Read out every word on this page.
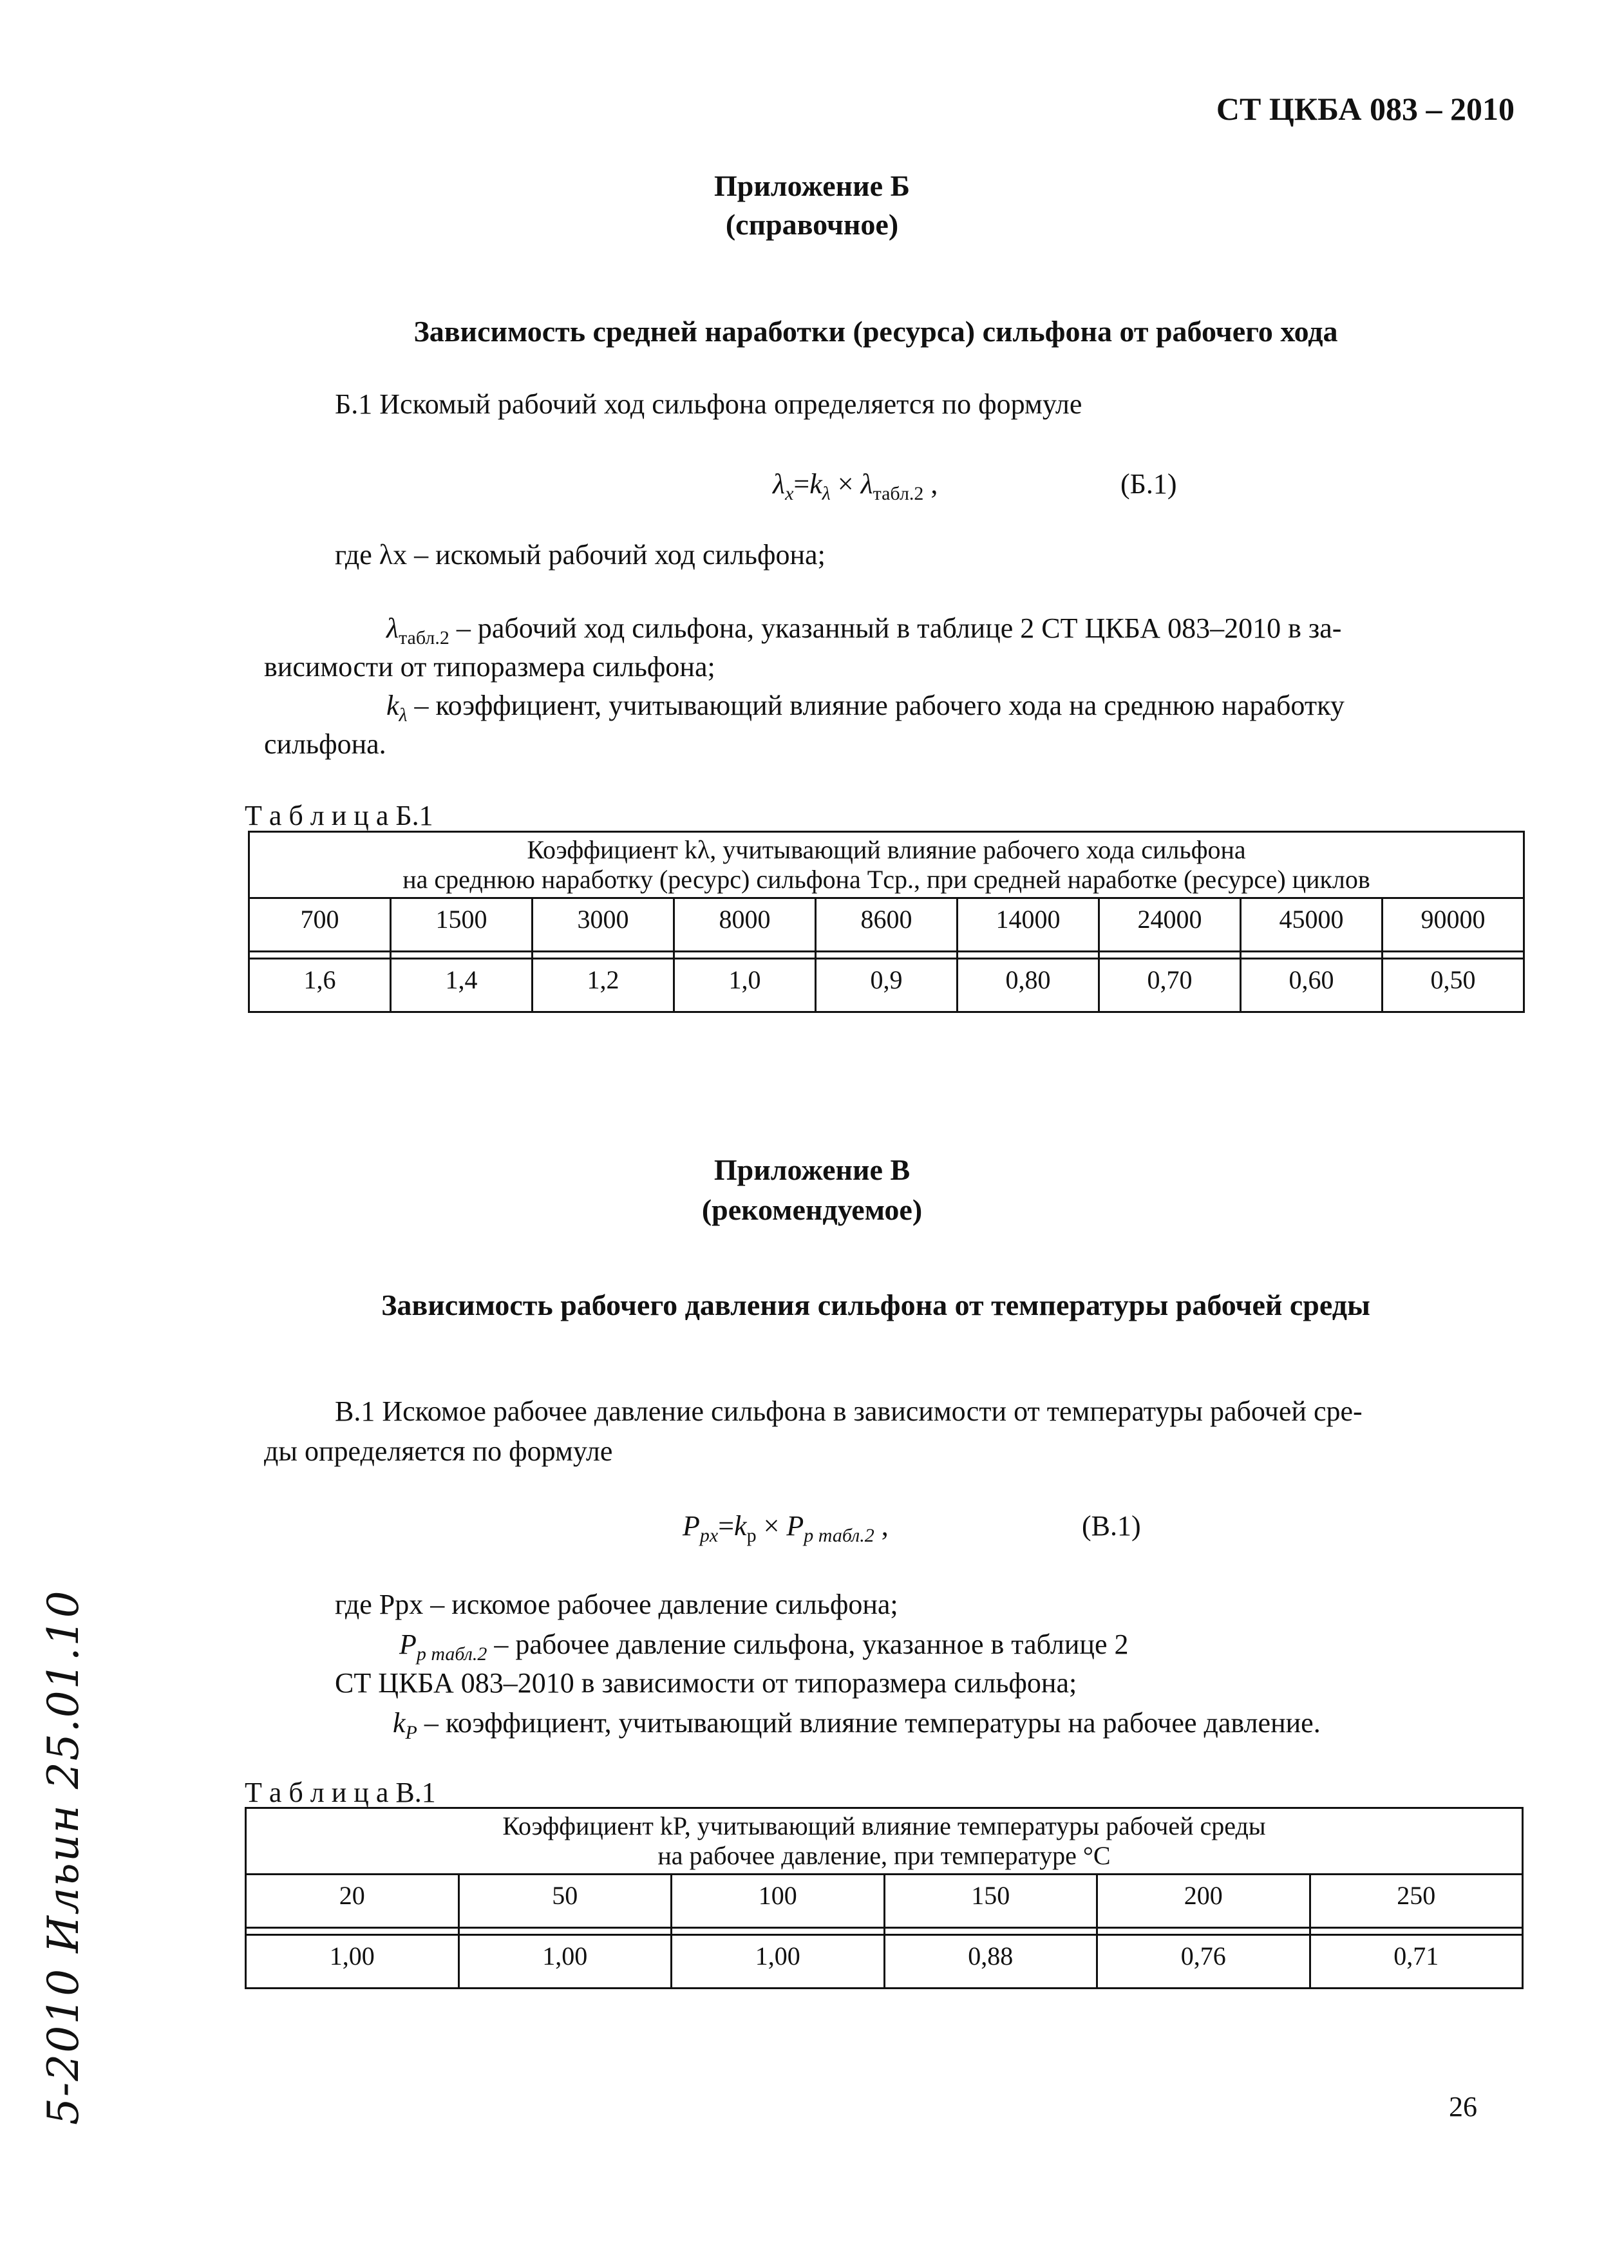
СТ ЦКБА 083 – 2010
Приложение Б
(справочное)
Зависимость средней наработки (ресурса) сильфона от рабочего хода
Б.1 Искомый рабочий ход сильфона определяется по формуле
$\lambda_x=k_\lambda \times \lambda_{табл.2}$ ,	(Б.1)
где λx – искомый рабочий ход сильфона;
$\lambda_{табл.2}$ – рабочий ход сильфона, указанный в таблице 2 СТ ЦКБА 083–2010 в за-
висимости от типоразмера сильфона;
$k_\lambda$ – коэффициент, учитывающий влияние рабочего хода на среднюю наработку
сильфона.
Т а б л и ц а Б.1
Коэффициент kλ, учитывающий влияние рабочего хода сильфона
на среднюю наработку (ресурс) сильфона Tср., при средней наработке (ресурсе) циклов								

700	1500	3000	8000	8600	14000	24000	45000	90000

1,6	1,4	1,2	1,0	0,9	0,80	0,70	0,60	0,50
Приложение В
(рекомендуемое)
Зависимость рабочего давления сильфона от температуры рабочей среды
В.1 Искомое рабочее давление сильфона в зависимости от температуры рабочей сре-
ды определяется по формуле
$P_{px}=k_p \times P_{p табл.2}$ ,	(В.1)
где Ppx – искомое рабочее давление сильфона;
$P_{p табл.2}$ – рабочее давление сильфона, указанное в таблице 2
СТ ЦКБА 083–2010 в зависимости от типоразмера сильфона;
$k_P$ – коэффициент, учитывающий влияние температуры на рабочее давление.
Т а б л и ц а В.1
Коэффициент kP, учитывающий влияние температуры рабочей среды
на рабочее давление, при температуре °С					

20	50	100	150	200	250

1,00	1,00	1,00	0,88	0,76	0,71
5-2010 Ильин 25.01.10	26
